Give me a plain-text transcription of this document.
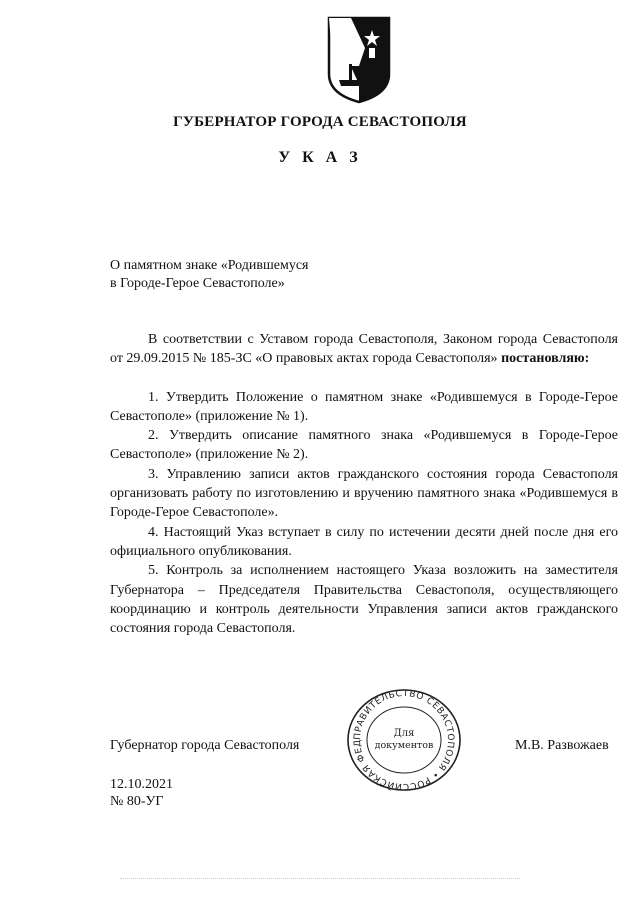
ГУБЕРНАТОР ГОРОДА СЕВАСТОПОЛЯ
У К А З
О памятном знаке «Родившемуся
в Городе-Герое Севастополе»

В соответствии с Уставом города Севастополя, Законом города Севастополя от 29.09.2015 № 185-ЗС «О правовых актах города Севастополя» постановляю:

1. Утвердить Положение о памятном знаке «Родившемуся в Городе-Герое Севастополе» (приложение № 1).

2. Утвердить описание памятного знака «Родившемуся в Городе-Герое Севастополе» (приложение № 2).

3. Управлению записи актов гражданского состояния города Севастополя организовать работу по изготовлению и вручению памятного знака «Родившемуся в Городе-Герое Севастополе».

4. Настоящий Указ вступает в силу по истечении десяти дней после дня его официального опубликования.

5. Контроль за исполнением настоящего Указа возложить на заместителя Губернатора – Председателя Правительства Севастополя, осуществляющего координацию и контроль деятельности Управления записи актов гражданского состояния города Севастополя.

Губернатор города Севастополя
ПРАВИТЕЛЬСТВО СЕВАСТОПОЛЯ • РОССИЙСКАЯ ФЕД
Для
документов	М.В. Развожаев
12.10.2021
№ 80-УГ
